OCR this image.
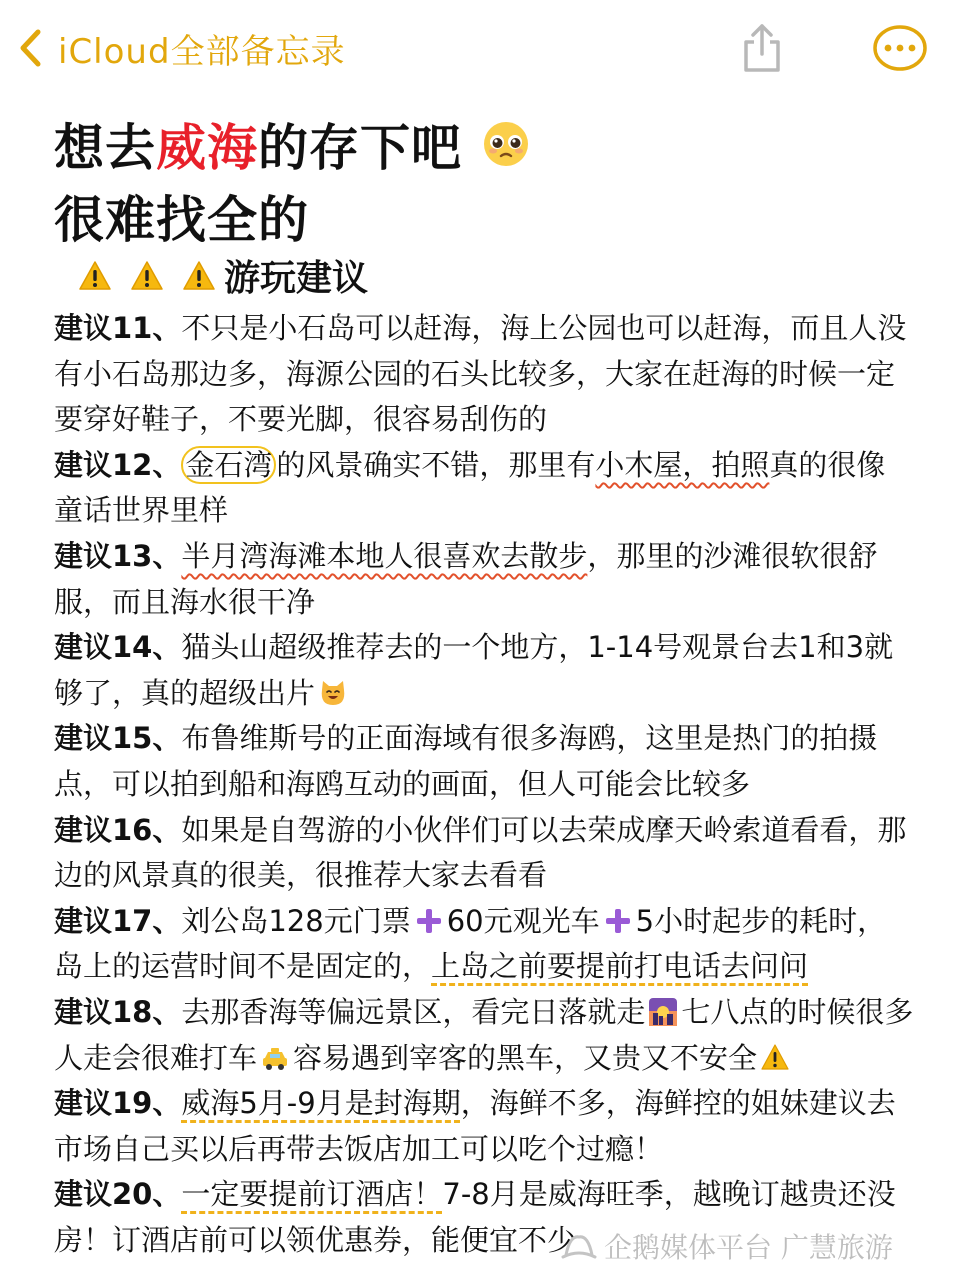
iCloud全部备忘录
想去 威海 的存下吧
很难找全的
游玩建议

建议11、不只是小石岛可以赶海，海上公园也可以赶海，而且人没有小石岛那边多，海源公园的石头比较多，大家在赶海的时候一定要穿好鞋子，不要光脚，很容易刮伤的

建议12、 金石湾 的风景确实不错，那里有小木屋，拍照真的很像童话世界里样

建议13、半月湾海滩本地人很喜欢去散步，那里的沙滩很软很舒服，而且海水很干净

建议14、猫头山超级推荐去的一个地方，1-14号观景台去1和3就够了，真的超级出片

建议15、布鲁维斯号的正面海域有很多海鸥，这里是热门的拍摄点，可以拍到船和海鸥互动的画面，但人可能会比较多

建议16、如果是自驾游的小伙伴们可以去荣成摩天岭索道看看，那边的风景真的很美，很推荐大家去看看

建议17、刘公岛128元门票 60元观光车 5小时起步的耗时，岛上的运营时间不是固定的，上岛之前要提前打电话去问问

建议18、去那香海等偏远景区，看完日落就走 七八点的时候很多人走会很难打车 容易遇到宰客的黑车，又贵又不安全

建议19、威海5月-9月是封海期，海鲜不多，海鲜控的姐妹建议去市场自己买以后再带去饭店加工可以吃个过瘾！

建议20、一定要提前订酒店！7-8月是威海旺季，越晚订越贵还没房！订酒店前可以领优惠券，能便宜不少 企鹅媒体平台 广慧旅游
